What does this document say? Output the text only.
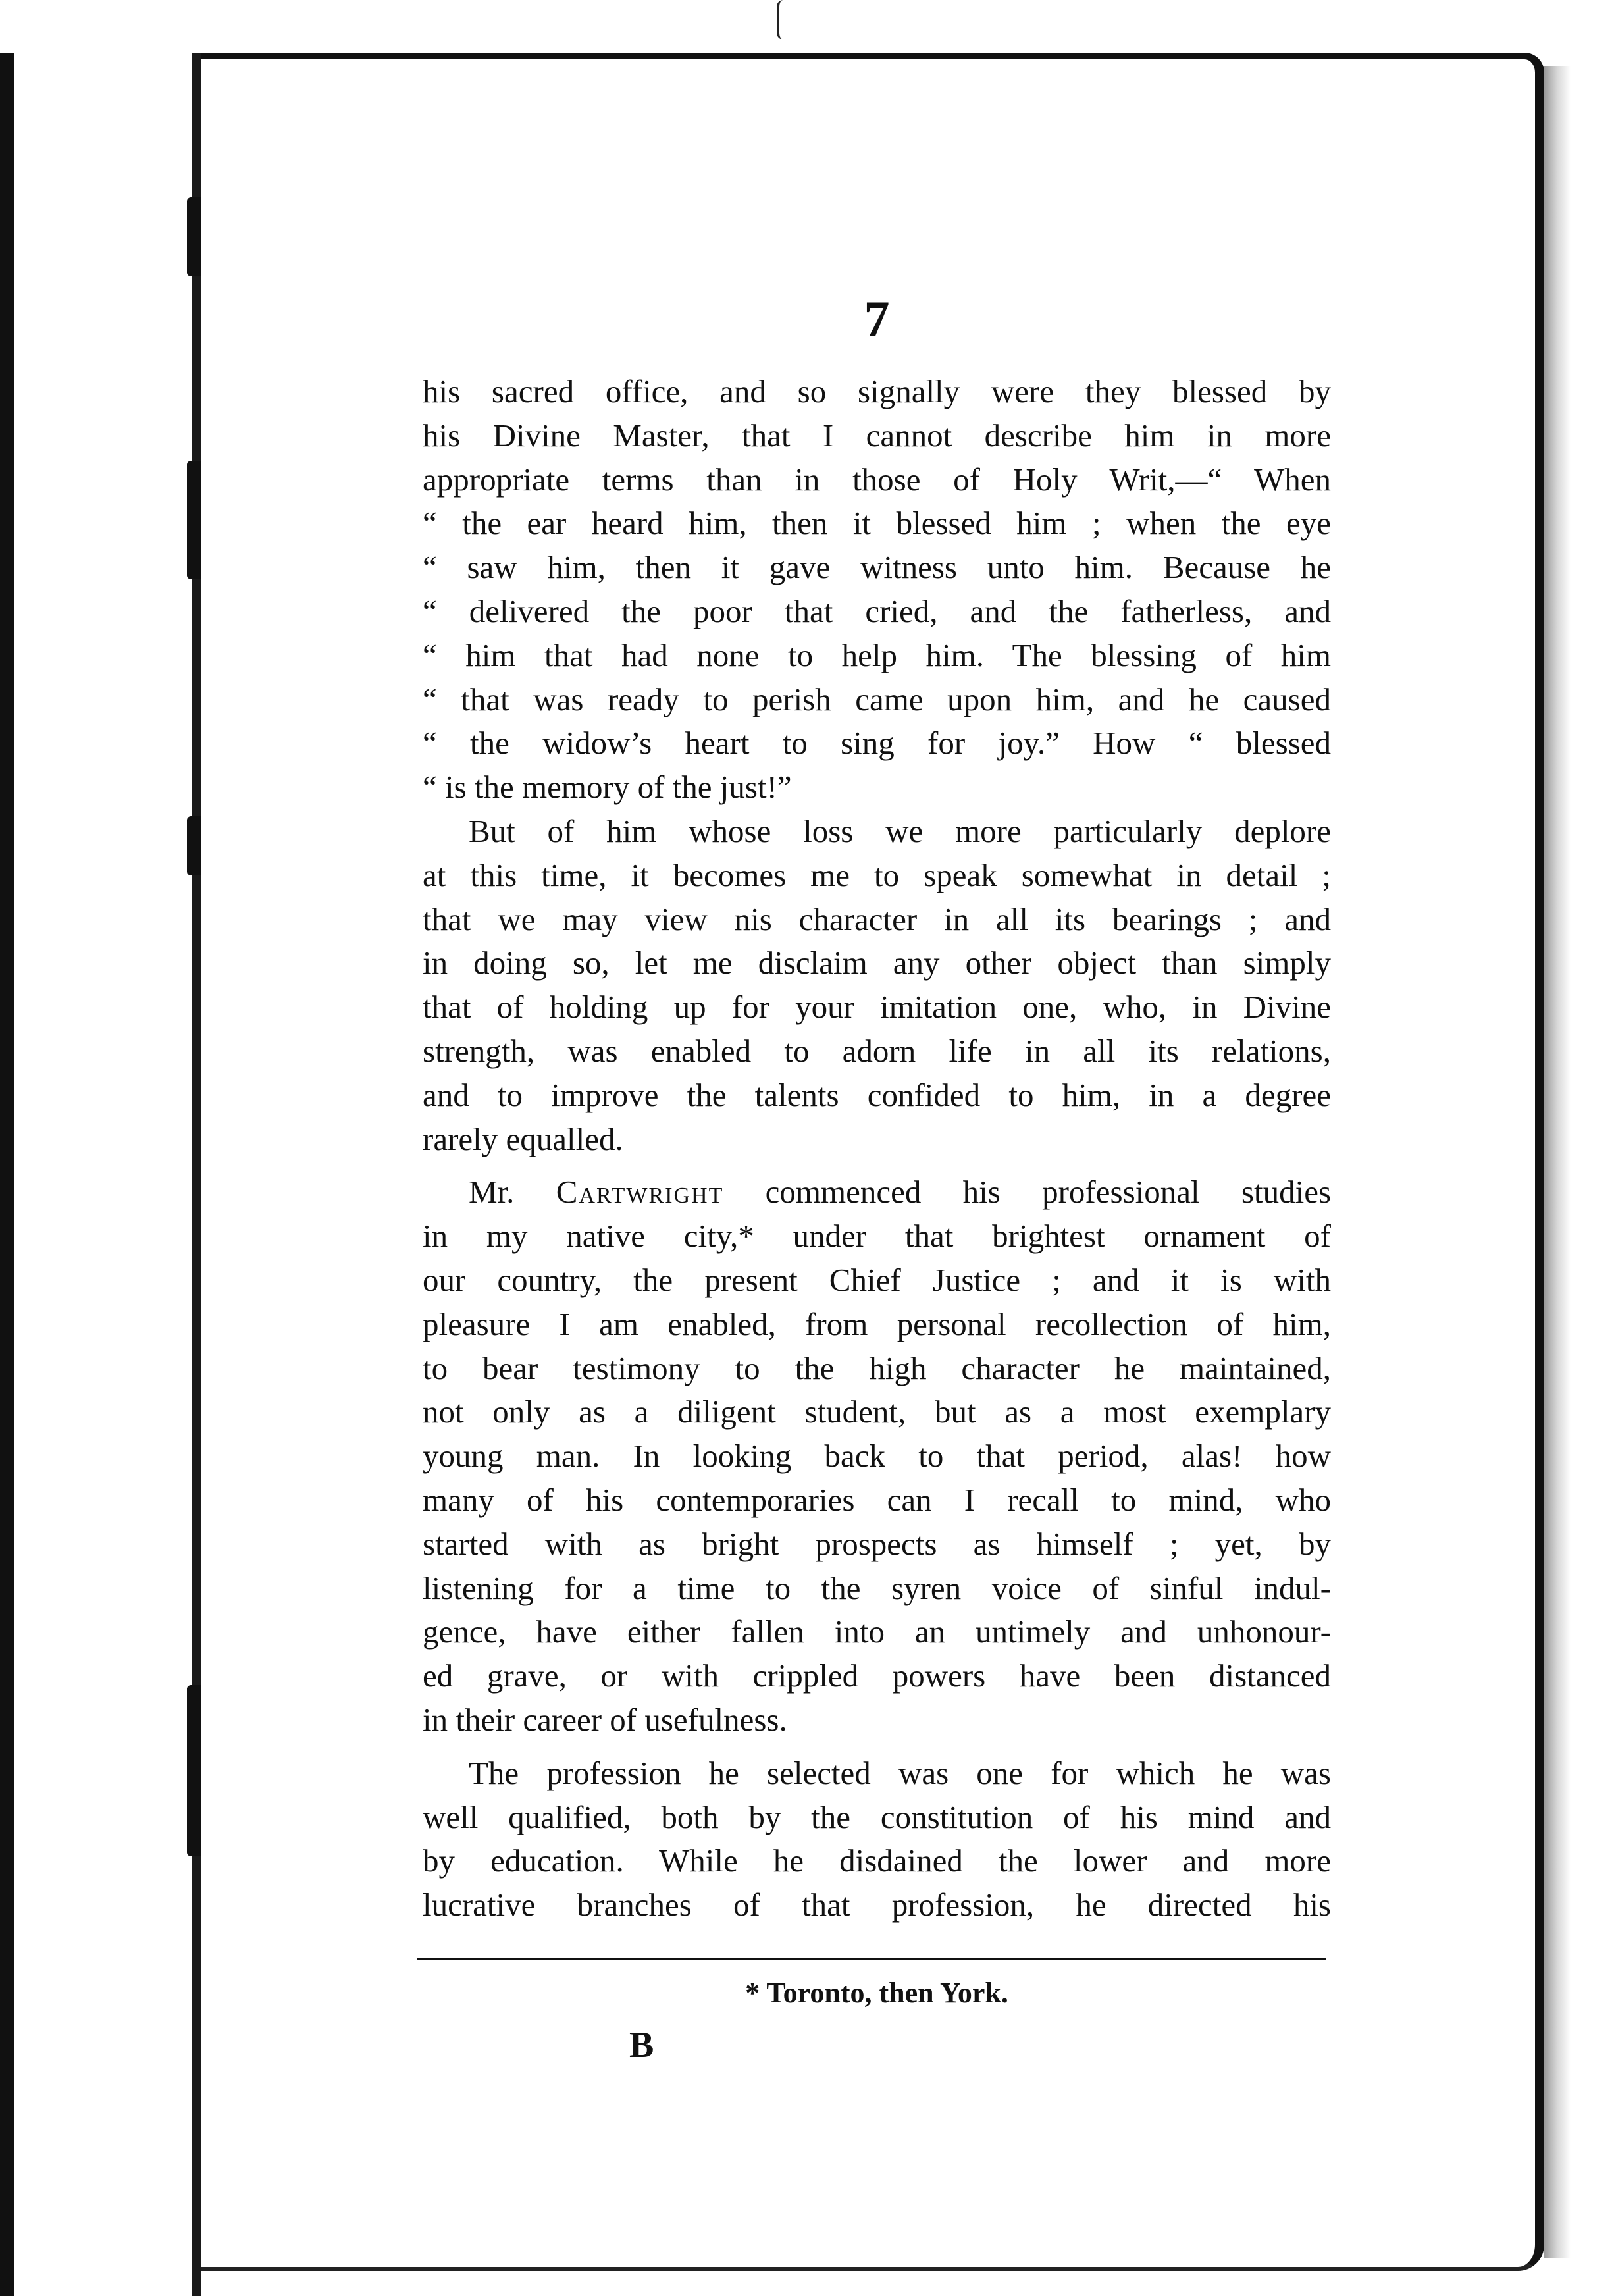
7
his sacred office, and so signally were they blessed by
his Divine Master, that I cannot describe him in more
appropriate terms than in those of Holy Writ,—“ When
“ the ear heard him, then it blessed him ; when the eye
“ saw him, then it gave witness unto him. Because he
“ delivered the poor that cried, and the fatherless, and
“ him that had none to help him. The blessing of him
“ that was ready to perish came upon him, and he caused
“ the widow’s heart to sing for joy.” How “ blessed
“ is the memory of the just!”
But of him whose loss we more particularly deplore
at this time, it becomes me to speak somewhat in detail ;
that we may view nis character in all its bearings ; and
in doing so, let me disclaim any other object than simply
that of holding up for your imitation one, who, in Divine
strength, was enabled to adorn life in all its relations,
and to improve the talents confided to him, in a degree
rarely equalled.
Mr. Cartwright commenced his professional studies
in my native city,* under that brightest ornament of
our country, the present Chief Justice ; and it is with
pleasure I am enabled, from personal recollection of him,
to bear testimony to the high character he maintained,
not only as a diligent student, but as a most exemplary
young man. In looking back to that period, alas! how
many of his contemporaries can I recall to mind, who
started with as bright prospects as himself ; yet, by
listening for a time to the syren voice of sinful indul-
gence, have either fallen into an untimely and unhonour-
ed grave, or with crippled powers have been distanced
in their career of usefulness.
The profession he selected was one for which he was
well qualified, both by the constitution of his mind and
by education. While he disdained the lower and more
lucrative branches of that profession, he directed his
* Toronto, then York.
B
